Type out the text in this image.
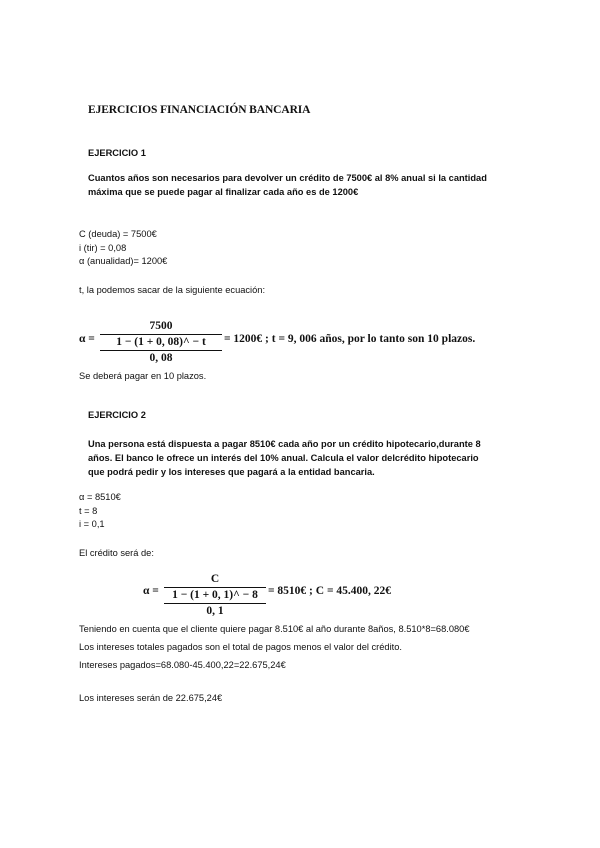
EJERCICIOS FINANCIACIÓN BANCARIA
EJERCICIO 1
Cuantos años son necesarios para devolver un crédito de 7500€ al 8% anual si la cantidad
máxima que se puede pagar al finalizar cada año es de 1200€
C (deuda) = 7500€
i (tir) = 0,08
α (anualidad)= 1200€
t, la podemos sacar de la siguiente ecuación:
α =
7500
1 − (1 + 0, 08)^ − t
0, 08
= 1200€ ; t = 9, 006 años, por lo tanto son 10 plazos.
Se deberá pagar en 10 plazos.
EJERCICIO 2
Una persona está dispuesta a pagar 8510€ cada año por un crédito hipotecario,durante 8
años. El banco le ofrece un interés del 10% anual. Calcula el valor delcrédito hipotecario
que podrá pedir y los intereses que pagará a la entidad bancaria.
α = 8510€
t = 8
i = 0,1
El crédito será de:
α =
C
1 − (1 + 0, 1)^ − 8
0, 1
= 8510€ ; C = 45.400, 22€
Teniendo en cuenta que el cliente quiere pagar 8.510€ al año durante 8años, 8.510*8=68.080€
Los intereses totales pagados son el total de pagos menos el valor del crédito.
Intereses pagados=68.080-45.400,22=22.675,24€
Los intereses serán de 22.675,24€
